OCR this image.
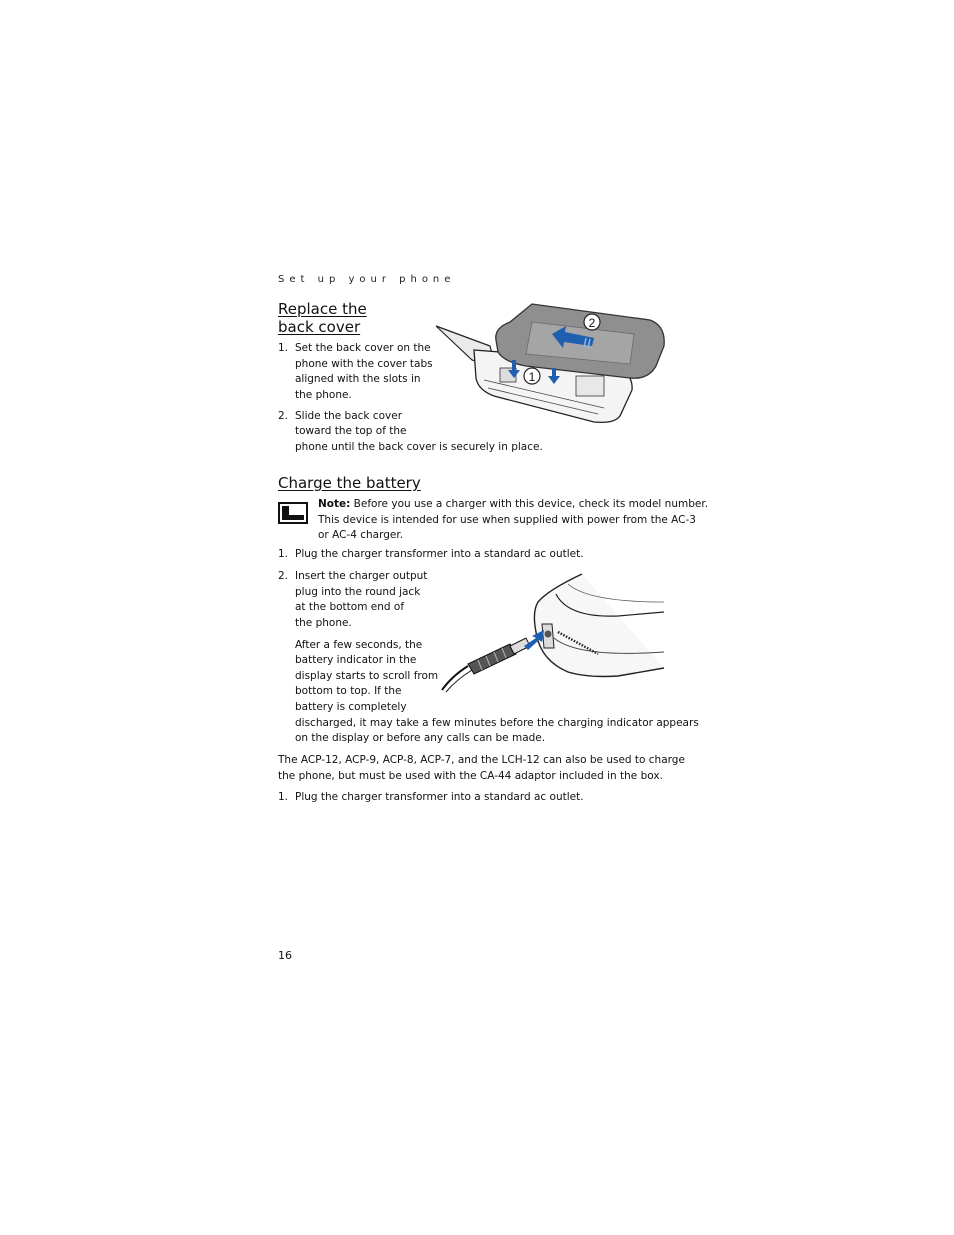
Set up your phone
Replace the
back cover
1. Set the back cover on the
phone with the cover tabs
aligned with the slots in
the phone.
2. Slide the back cover
toward the top of the
phone until the back cover is securely in place.
2
1
Charge the battery
Note: Before you use a charger with this device, check its model number.
This device is intended for use when supplied with power from the AC-3
or AC-4 charger.
1. Plug the charger transformer into a standard ac outlet.
2. Insert the charger output
plug into the round jack
at the bottom end of
the phone.
After a few seconds, the
battery indicator in the
display starts to scroll from
bottom to top. If the
battery is completely
discharged, it may take a few minutes before the charging indicator appears
on the display or before any calls can be made.
The ACP-12, ACP-9, ACP-8, ACP-7, and the LCH-12 can also be used to charge
the phone, but must be used with the CA-44 adaptor included in the box.
1. Plug the charger transformer into a standard ac outlet.
16
